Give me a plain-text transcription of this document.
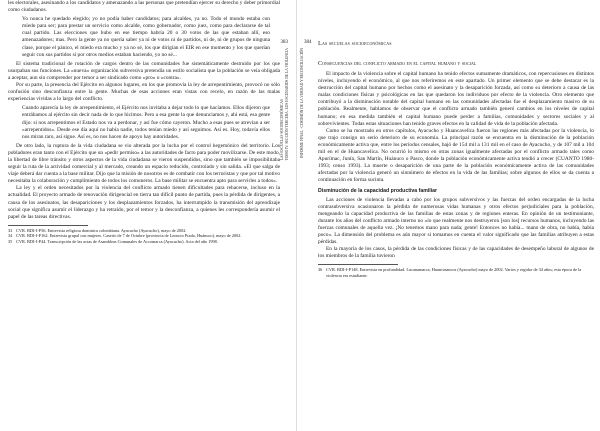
383
LAS ESCUELAS SOCIOECONÓMICAS
TOMO IV. SECCIÓN TERCERA. LOS ESCENARIOS DE LA VIOLENCIA

les electorales, asesinando a los candidatos y amenazando a las personas que pretendían ejercer su derecho y deber primordial como ciudadanos.

Yo nunca he quedado elegido; yo no podía haber candidatos; para alcaldes, ya no. Todo el mundo estaba con miedo para ser; para prestar un servicio como alcalde, como gobernador, como juez, como para declararse de tal cual partido. Las elecciones que hubo en ese tiempo habría 20 o 30 votos de las que estaban allí, eso amenazadores; mas. Pero la gente ya no quería saber ya ni de votos ni de partidos, ni de, ni de grupos de ninguna clase, porque el pánico, el miedo era mucho y ya no sé, los que dirigían el EIR en ese momento y los que querían seguir con sus partidos sí por otros medios estaban haciendo, yo no sé...

El sistema tradicional de rotación de cargos dentro de las comunidades fue sistemáticamente destruido por los que usurpaban sus funciones. La «nueva» organización subversiva pretendía un estilo socialista que la población se veía obligada a aceptar, aun sin comprender por temor a ser sindicado como «pro» o «contra».

Por su parte, la presencia del Ejército en algunos lugares, en los que promovía la ley de arrepentimiento, provocó no sólo confusión sino desconfianza entre la gente. Muchas de esas acciones eran vistas con recelo, en razón de las malas experiencias vividas a lo largo del conflicto.

Cuando aparecía la ley de arrepentimiento, el Ejército nos invitaba a dejar todo lo que hacíamos. Ellos dijeron que entrábamos al ejército sin decir nada de lo que hicimos. Pero a esa gente la que denunciamos y, ahí está, esa gente dijo: si nos arrepentimos el Estado nos va a perdonar, y así fue cómo cayeron. Mucho a esas pues se atrevían a ser «arrepentidos». Desde ese día aquí no había nadie, todos tenían miedo y así seguimos. Así es. Hoy, todavía ellos nos miran raro, así sigue. Así es, no nos hacen de apoyo hay autoridades.

De otro lado, la ruptura de la vida ciudadana se vio alterada por la lucha por el control hegemónico del territorio. Los pobladores eran tanto con el Ejército que un «pedir permiso» a las autoridades de facto para poder movilizarse. De este modo, la libertad de libre tránsito y otros aspectos de la vida ciudadana se vieron suspendidos, sino que también se imposibilitaba seguir la ruta de la actividad comercial y al mercado, creando un espacio reducido, controlado y sin salida. «El que salga de viaje deberá dar cuenta a la base militar. Dijo que la misión de nosotros es de combatir con los terroristas y que por tal motivo necesitaba la colaboración y cumplimiento de todos los comuneros. La base militar se encuentra apto para servirles a todos».

La ley y el orden necesitados por la violencia del conflicto armado tienen dificultades para rehacerse, incluso en la actualidad. El proyecto armado de renovación dirigencial en tierra tan difícil punto de partida, pues la pérdida de dirigentes, a causa de los asesinatos, las desapariciones y los desplazamientos forzados, ha interrumpido la transmisión del aprendizaje social que significa asumir el liderazgo y ha retraído, por el temor y la desconfianza, a quienes les correspondería asumir el papel de las tareas directivas.

33 CVR. BDI-I-P56. Entrevista religiosa dominica colombiana. Ayacucho (Ayacucho), mayo de 2002.
34 CVR. BDI-I-P162. Entrevista grupal con mujeres. Caserío de 7 de Octubre (provincia de Leoncio Prado, Huánuco), mayo de 2002.
35 CVR. BDI-I-P44. Transcripción de las actas de Asambleas Comunales de Accomarca (Ayacucho). Acta del año 1998.
384
INFORME FINAL · COMISIÓN DE LA VERDAD Y RECONCILIACIÓN
Las secuelas socioeconómicas
Consecuencias del conflicto armado en el capital humano y social

El impacto de la violencia sobre el capital humano ha tenido efectos sumamente dramáticos, con repercusiones en distintos niveles, incluyendo el económico, al que nos referiremos en este apartado. Un primer elemento que se debe destacar es la destrucción del capital humano por hechos como el asesinato y la desaparición forzada, así como su deterioro a causa de las malas condiciones físicas y psicológicas en las que quedaron los individuos por efecto de la violencia. Otro elemento que contribuyó a la disminución notable del capital humano en las comunidades afectadas fue el desplazamiento masivo de su población. Realmente, hablamos de observar que el conflicto armado también generó cambios en los niveles de capital humano; en esa medida también el capital humano puede perder a familias, comunidades y sectores sociales y al sobrevivientes. Todas estas situaciones han tenido graves efectos en la calidad de vida de la población afectada.

Como se ha mostrado en otros capítulos, Ayacucho y Huancavelica fueron las regiones más afectadas por la violencia, lo que trajo consigo un serio deterioro de su economía. La principal razón se encuentra en la disminución de la población económicamente activa que, entre los períodos censales, bajó de 154 mil a 131 mil en el caso de Ayacucho, y de 107 mil a 104 mil en el de Huancavelica. No ocurrió lo mismo en otras zonas igualmente afectadas por el conflicto armado tales como Apurímac, Junín, San Martín, Huánuco o Pasco, donde la población económicamente activa tendió a crecer (CUANTO 1980-1993; censo 1993). La muerte o desaparición de una parte de la población económicamente activa de las comunidades afectadas por la violencia generó un sinnúmero de efectos en la vida de las familias; sobre algunos de ellos se da cuenta a continuación en forma sucinta.

Disminución de la capacidad productiva familiar

Las acciones de violencia llevadas a cabo por los grupos subversivos y las fuerzas del orden encargadas de la lucha contrasubversiva ocasionaron la pérdida de numerosas vidas humanas y otros efectos perjudiciales para la población, mengeando la capacidad productiva de las familias de estas zonas y de regiones enteras. En opinión de un testimoniante, durante los años del conflicto armado interno no «lo que realmente nos destruyeron [son los] recursos humanos, incluyendo las fuerzas comunales de aquella vez. ¡No tenemos mano para nada; gente! Entonces no había... mano de obra, no había, había poco». La dimensión del problema es aún mayor si tomamos en cuenta el valor significado que las familias atribuyen a estas pérdidas.

En la mayoría de los casos, la pérdida de las condiciones físicas y de las capacidades de desempeño laboral de algunos de los miembros de la familia tuvieron

36 CVR. BDI-I-P148. Entrevista en profundidad. Lucanamarca, Huancasancos (Ayacucho) mayo de 2002. Varios y regidor de 34 años; esta época de la violencia era estudiante.
